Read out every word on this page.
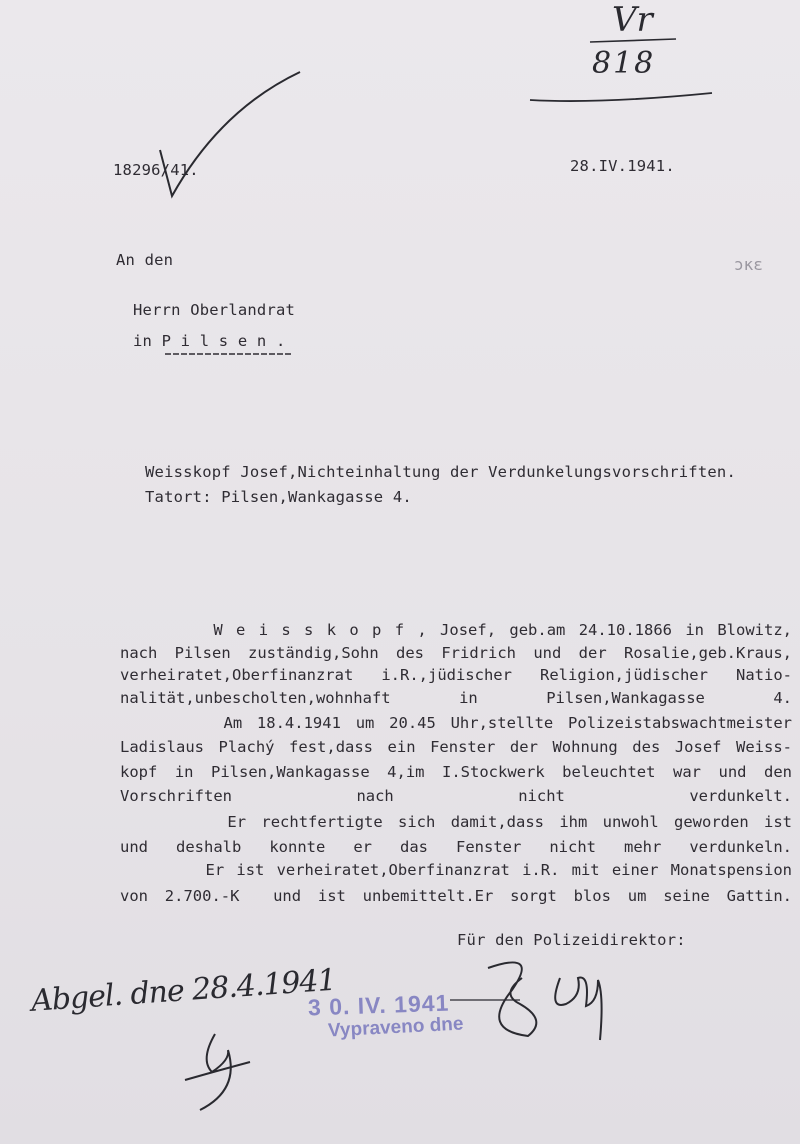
Vr
818
18296/41.	28.IV.1941.
An den
Herrn Oberlandrat
in P i l s e n .
Weisskopf Josef,Nichteinhaltung der Verdunkelungsvorschriften.
Tatort: Pilsen,Wankagasse 4.
W e i s s k o p f , Josef, geb.am 24.10.1866 in Blowitz,
nach Pilsen zuständig,Sohn des Fridrich und der Rosalie,geb.Kraus,
verheiratet,Oberfinanzrat i.R.,jüdischer Religion,jüdischer Natio-
nalität,unbescholten,wohnhaft in Pilsen,Wankagasse 4.
Am 18.4.1941 um 20.45 Uhr,stellte Polizeistabswachtmeister
Ladislaus Plachý fest,dass ein Fenster der Wohnung des Josef Weiss-
kopf in Pilsen,Wankagasse 4,im I.Stockwerk beleuchtet war und den
Vorschriften nach nicht verdunkelt.
Er rechtfertigte sich damit,dass ihm unwohl geworden ist
und deshalb konnte er das Fenster nicht mehr verdunkeln.
Er ist verheiratet,Oberfinanzrat i.R. mit einer Monatspension
von 2.700.-K  und ist unbemittelt.Er sorgt blos um seine Gattin.
Für den Polizeidirektor:
Abgel. dne 28.4.1941
3 0. IV. 1941
Vypraveno dne
ɔкɛ
